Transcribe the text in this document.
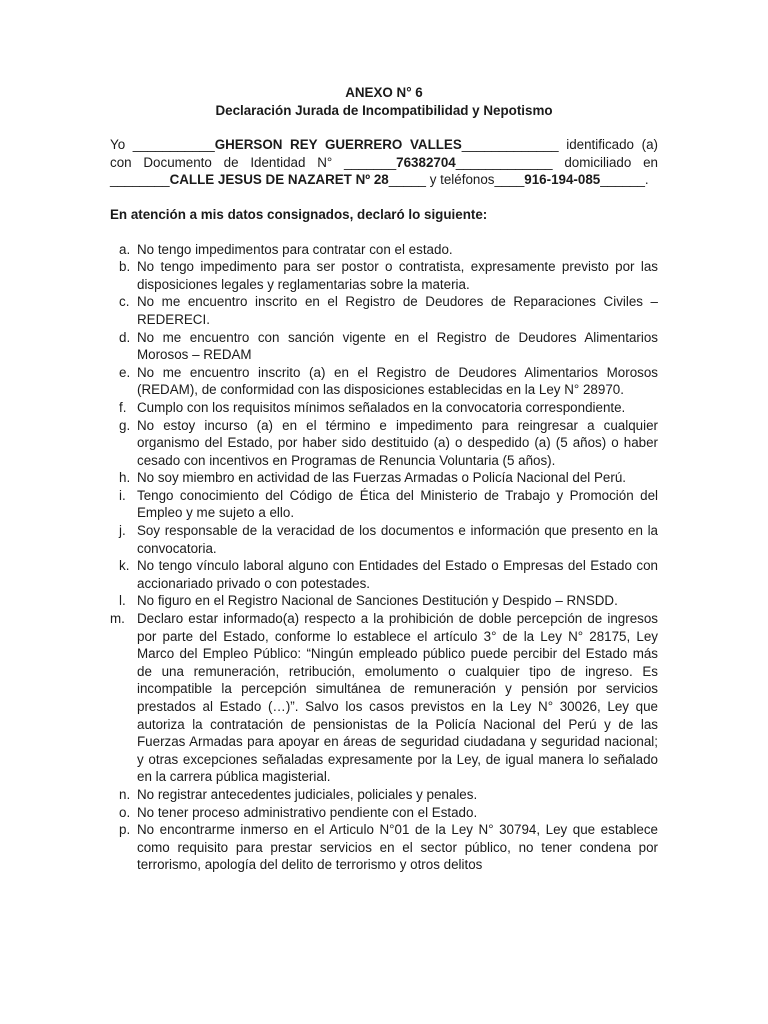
ANEXO N° 6

Declaración Jurada de Incompatibilidad y Nepotismo

Yo ___________GHERSON REY GUERRERO VALLES_____________ identificado (a) con Documento de Identidad N° _______76382704_____________ domiciliado en ________CALLE JESUS DE NAZARET Nº 28_____ y teléfonos____916-194-085______.

En atención a mis datos consignados, declaró lo siguiente:

a. No tengo impedimentos para contratar con el estado.
b. No tengo impedimento para ser postor o contratista, expresamente previsto por las disposiciones legales y reglamentarias sobre la materia.
c. No me encuentro inscrito en el Registro de Deudores de Reparaciones Civiles – REDERECI.
d. No me encuentro con sanción vigente en el Registro de Deudores Alimentarios Morosos – REDAM
e. No me encuentro inscrito (a) en el Registro de Deudores Alimentarios Morosos (REDAM), de conformidad con las disposiciones establecidas en la Ley N° 28970.
f. Cumplo con los requisitos mínimos señalados en la convocatoria correspondiente.
g. No estoy incurso (a) en el término e impedimento para reingresar a cualquier organismo del Estado, por haber sido destituido (a) o despedido (a) (5 años) o haber cesado con incentivos en Programas de Renuncia Voluntaria (5 años).
h. No soy miembro en actividad de las Fuerzas Armadas o Policía Nacional del Perú.
i. Tengo conocimiento del Código de Ética del Ministerio de Trabajo y Promoción del Empleo y me sujeto a ello.
j. Soy responsable de la veracidad de los documentos e información que presento en la convocatoria.
k. No tengo vínculo laboral alguno con Entidades del Estado o Empresas del Estado con accionariado privado o con potestades.
l. No figuro en el Registro Nacional de Sanciones Destitución y Despido – RNSDD.
m. Declaro estar informado(a) respecto a la prohibición de doble percepción de ingresos por parte del Estado, conforme lo establece el artículo 3° de la Ley N° 28175, Ley Marco del Empleo Público: “Ningún empleado público puede percibir del Estado más de una remuneración, retribución, emolumento o cualquier tipo de ingreso. Es incompatible la percepción simultánea de remuneración y pensión por servicios prestados al Estado (…)”. Salvo los casos previstos en la Ley N° 30026, Ley que autoriza la contratación de pensionistas de la Policía Nacional del Perú y de las Fuerzas Armadas para apoyar en áreas de seguridad ciudadana y seguridad nacional; y otras excepciones señaladas expresamente por la Ley, de igual manera lo señalado en la carrera pública magisterial.
n. No registrar antecedentes judiciales, policiales y penales.
o. No tener proceso administrativo pendiente con el Estado.
p. No encontrarme inmerso en el Articulo N°01 de la Ley N° 30794, Ley que establece como requisito para prestar servicios en el sector público, no tener condena por terrorismo, apología del delito de terrorismo y otros delitos
